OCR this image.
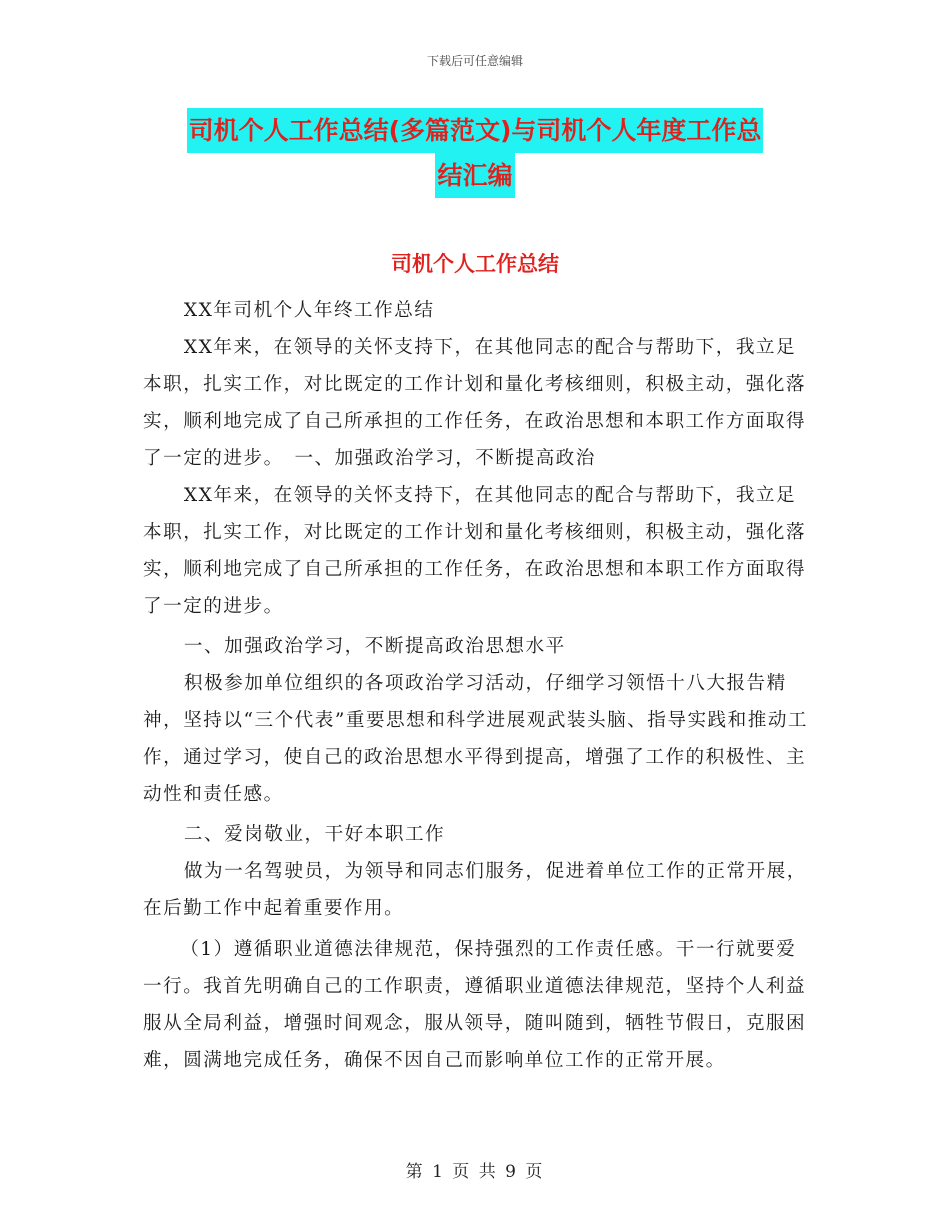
下载后可任意编辑
司机个人工作总结(多篇范文)与司机个人年度工作总
结汇编
司机个人工作总结

XX年司机个人年终工作总结

XX年来，在领导的关怀支持下，在其他同志的配合与帮助下，我立足本职，扎实工作，对比既定的工作计划和量化考核细则，积极主动，强化落实，顺利地完成了自己所承担的工作任务，在政治思想和本职工作方面取得了一定的进步。　一、加强政治学习，不断提高政治

XX年来，在领导的关怀支持下，在其他同志的配合与帮助下，我立足本职，扎实工作，对比既定的工作计划和量化考核细则，积极主动，强化落实，顺利地完成了自己所承担的工作任务，在政治思想和本职工作方面取得了一定的进步。

一、加强政治学习，不断提高政治思想水平

积极参加单位组织的各项政治学习活动，仔细学习领悟十八大报告精神，坚持以“三个代表”重要思想和科学进展观武装头脑、指导实践和推动工作，通过学习，使自己的政治思想水平得到提高，增强了工作的积极性、主动性和责任感。

二、爱岗敬业，干好本职工作

做为一名驾驶员，为领导和同志们服务，促进着单位工作的正常开展，在后勤工作中起着重要作用。

（1）遵循职业道德法律规范，保持强烈的工作责任感。干一行就要爱一行。我首先明确自己的工作职责，遵循职业道德法律规范，坚持个人利益服从全局利益，增强时间观念，服从领导，随叫随到，牺牲节假日，克服困难，圆满地完成任务，确保不因自己而影响单位工作的正常开展。

第 1 页 共 9 页
